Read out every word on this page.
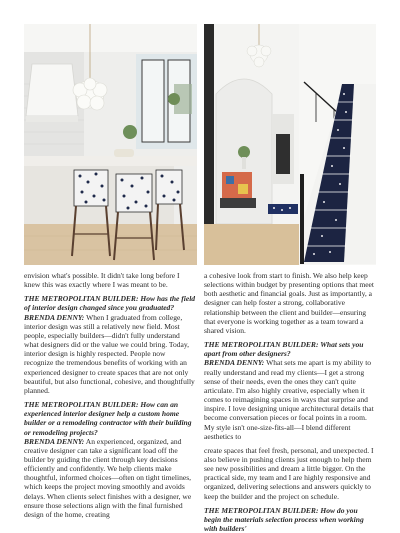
envision what's possible. It didn't take long before I knew this was exactly where I was meant to be.

THE METROPOLITAN BUILDER: How has the field of interior design changed since you graduated?

BRENDA DENNY: When I graduated from college, interior design was still a relatively new field. Most people, especially builders—didn't fully understand what designers did or the value we could bring. Today, interior design is highly respected. People now recognize the tremendous benefits of working with an experienced designer to create spaces that are not only beautiful, but also functional, cohesive, and thoughtfully planned.

THE METROPOLITAN BUILDER: How can an experienced interior designer help a custom home builder or a remodeling contractor with their building or remodeling projects?

BRENDA DENNY: An experienced, organized, and creative designer can take a significant load off the builder by guiding the client through key decisions efficiently and confidently. We help clients make thoughtful, informed choices—often on tight timelines, which keeps the project moving smoothly and avoids delays. When clients select finishes with a designer, we ensure those selections align with the final furnished design of the home, creating

a cohesive look from start to finish. We also help keep selections within budget by presenting options that meet both aesthetic and financial goals. Just as importantly, a designer can help foster a strong, collaborative relationship between the client and builder—ensuring that everyone is working together as a team toward a shared vision.

THE METROPOLITAN BUILDER: What sets you apart from other designers?

BRENDA DENNY: What sets me apart is my ability to really understand and read my clients—I get a strong sense of their needs, even the ones they can't quite articulate. I'm also highly creative, especially when it comes to reimagining spaces in ways that surprise and inspire. I love designing unique architectural details that become conversation pieces or focal points in a room. My style isn't one-size-fits-all—I blend different aesthetics to

create spaces that feel fresh, personal, and unexpected. I also believe in pushing clients just enough to help them see new possibilities and dream a little bigger. On the practical side, my team and I are highly responsive and organized, delivering selections and answers quickly to keep the builder and the project on schedule.

THE METROPOLITAN BUILDER: How do you begin the materials selection process when working with builders'
